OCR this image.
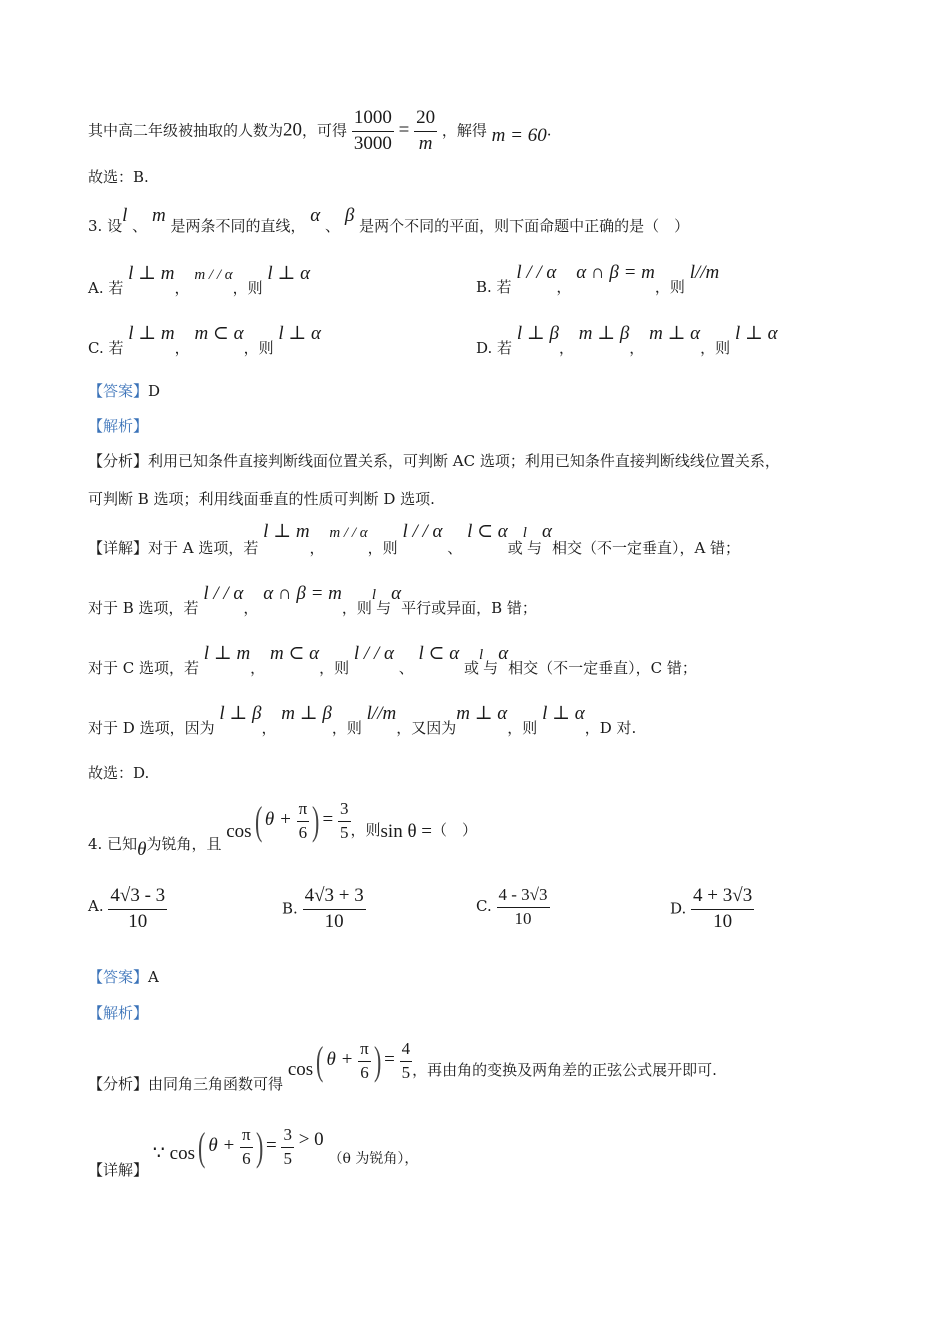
其中高二年级被抽取的人数为20，可得 $\frac{1000}{3000} = \frac{20}{m}$ ，解得 m = 60.
故选：B.
3. 设l 、 m 是两条不同的直线， α 、 β 是两个不同的平面，则下面命题中正确的是（　）
A. 若 l ⊥ m， m / / α，则 l ⊥ α
B. 若 l / / α， α ∩ β = m，则 l//m
C. 若 l ⊥ m， m ⊂ α，则 l ⊥ α
D. 若 l ⊥ β， m ⊥ β， m ⊥ α，则 l ⊥ α
【答案】D
【解析】
【分析】利用已知条件直接判断线面位置关系，可判断 AC 选项；利用已知条件直接判断线线位置关系，
可判断 B 选项；利用线面垂直的性质可判断 D 选项.
【详解】对于 A 选项，若 l ⊥ m， m / / α，则 l / / α 、 l ⊂ α或l与α相交（不一定垂直），A 错；
对于 B 选项，若 l / / α， α ∩ β = m，则l与α平行或异面，B 错；
对于 C 选项，若 l ⊥ m， m ⊂ α，则 l / / α 、 l ⊂ α 或l与α相交（不一定垂直），C 错；
对于 D 选项，因为 l ⊥ β， m ⊥ β，则 l//m，又因为m ⊥ α，则 l ⊥ α，D 对.
故选：D.
4. 已知θ为锐角，且 cos( $\theta + \frac{\pi}{6}$ ) = $\frac{3}{5}$ ，则sin θ =（　）
A. $\frac{4√3 - 3}{10}$	B. $\frac{4√3 + 3}{10}$	C. $\frac{4 - 3√3}{10}$	D. $\frac{4 + 3√3}{10}$
【答案】A
【解析】
【分析】由同角三角函数可得 cos( $\theta + \frac{\pi}{6}$ ) = $\frac{4}{5}$ ，再由角的变换及两角差的正弦公式展开即可.
【详解】 ∵ cos( $\theta + \frac{\pi}{6}$ ) = $\frac{3}{5} > 0$ （θ 为锐角），
